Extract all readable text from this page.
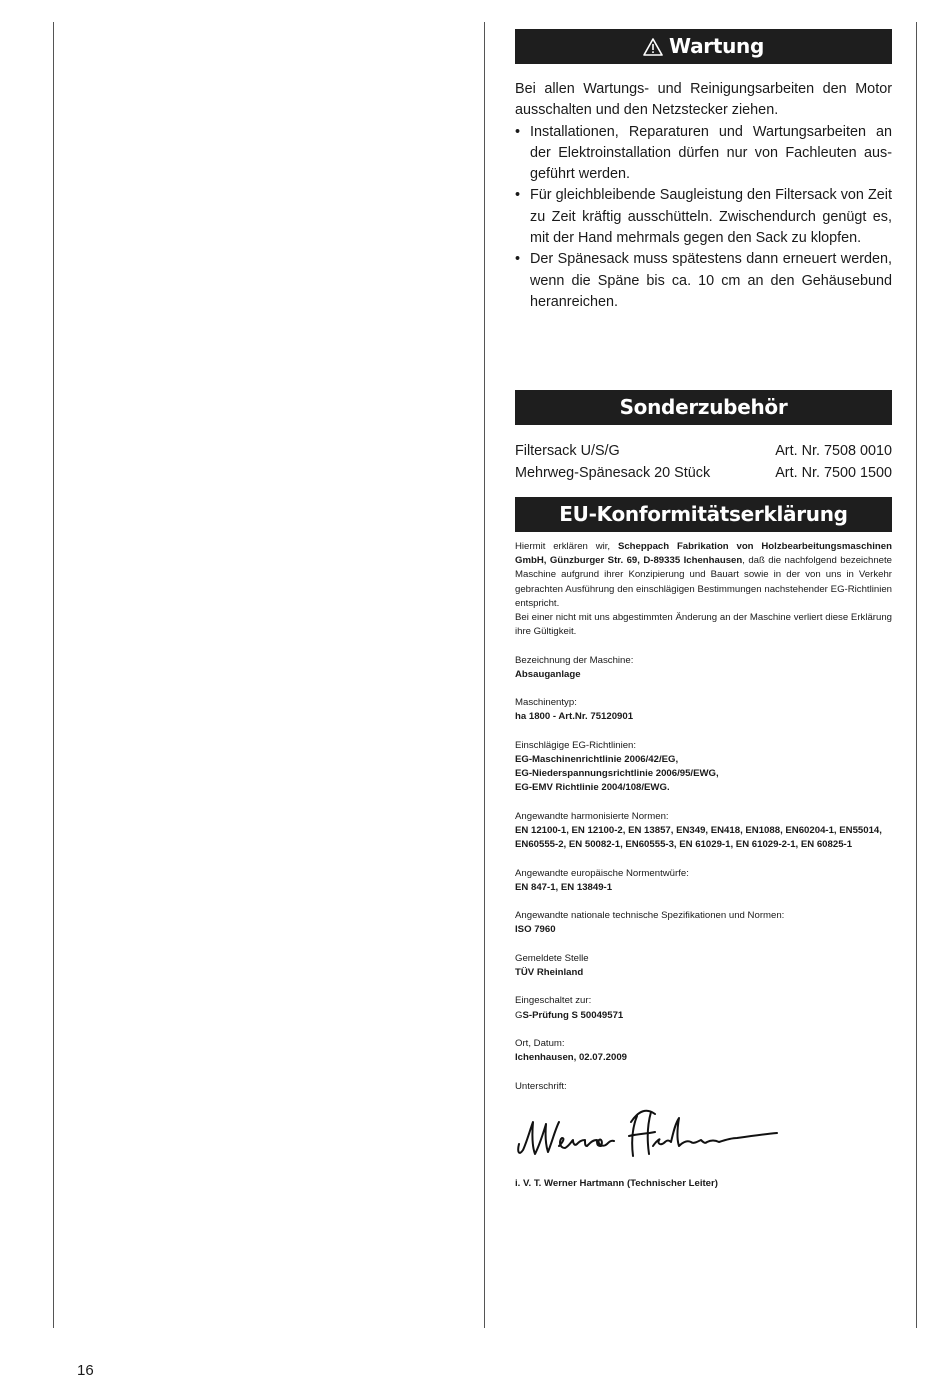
Wartung

Bei allen Wartungs- und Reinigungsarbeiten den Motor ausschalten und den Netzstecker ziehen.

• Installationen, Reparaturen und Wartungsarbeiten an der Elektroinstallation dürfen nur von Fachleuten ausgeführt werden.
• Für gleichbleibende Saugleistung den Filtersack von Zeit zu Zeit kräftig ausschütteln. Zwischendurch genügt es, mit der Hand mehrmals gegen den Sack zu klopfen.
• Der Spänesack muss spätestens dann erneuert werden, wenn die Späne bis ca. 10 cm an den Gehäusebund heranreichen.
Sonderzubehör
Filtersack U/S/G	Art. Nr. 7508 0010
Mehrweg-Spänesack 20 Stück	Art. Nr. 7500 1500
EU-Konformitätserklärung

Hiermit erklären wir, Scheppach Fabrikation von Holzbearbeitungsmaschinen GmbH, Günzburger Str. 69, D-89335 Ichenhausen, daß die nachfolgend bezeichnete Maschine aufgrund ihrer Konzipierung und Bauart sowie in der von uns in Verkehr gebrachten Ausführung den einschlägigen Bestimmungen nachstehender EG-Richtlinien entspricht.

Bei einer nicht mit uns abgestimmten Änderung an der Maschine verliert diese Erklärung ihre Gültigkeit.

Bezeichnung der Maschine:

Absauganlage

Maschinentyp:

ha 1800 - Art.Nr. 75120901

Einschlägige EG-Richtlinien:

EG-Maschinenrichtlinie 2006/42/EG,

EG-Niederspannungsrichtlinie 2006/95/EWG,

EG-EMV Richtlinie 2004/108/EWG.

Angewandte harmonisierte Normen:

EN 12100-1, EN 12100-2, EN 13857, EN349, EN418, EN1088, EN60204-1, EN55014, EN60555-2, EN 50082-1, EN60555-3, EN 61029-1, EN 61029-2-1, EN 60825-1

Angewandte europäische Normentwürfe:

EN 847-1, EN 13849-1

Angewandte nationale technische Spezifikationen und Normen:

ISO 7960

Gemeldete Stelle

TÜV Rheinland

Eingeschaltet zur:

GS-Prüfung S 50049571

Ort, Datum:

Ichenhausen, 02.07.2009

Unterschrift:

i. V. T. Werner Hartmann (Technischer Leiter)

16
